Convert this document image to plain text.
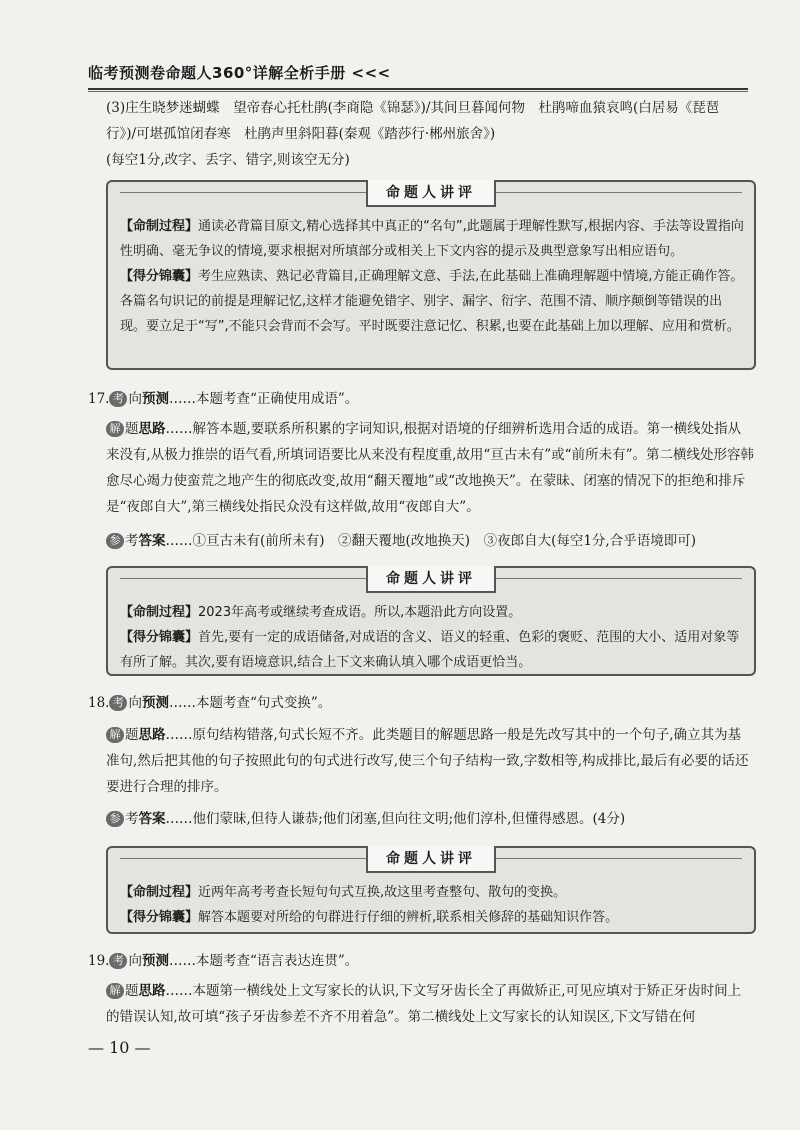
临考预测卷命题人360°详解全析手册 <<<
(3)庄生晓梦迷蝴蝶　望帝春心托杜鹃(李商隐《锦瑟》)/其间旦暮闻何物　杜鹃啼血猿哀鸣(白居易《琵琶
行》)/可堪孤馆闭春寒　杜鹃声里斜阳暮(秦观《踏莎行·郴州旅舍》)
(每空1分,改字、丢字、错字,则该空无分)
命题人讲评
【命制过程】通读必背篇目原文,精心选择其中真正的“名句”,此题属于理解性默写,根据内容、手法等设置指向性明确、毫无争议的情境,要求根据对所填部分或相关上下文内容的提示及典型意象写出相应语句。
【得分锦囊】考生应熟读、熟记必背篇目,正确理解文意、手法,在此基础上准确理解题中情境,方能正确作答。各篇名句识记的前提是理解记忆,这样才能避免错字、别字、漏字、衍字、范围不清、顺序颠倒等错误的出现。要立足于“写”,不能只会背而不会写。平时既要注意记忆、积累,也要在此基础上加以理解、应用和赏析。
17. 考 向预测……本题考查“正确使用成语”。
解 题思路……解答本题,要联系所积累的字词知识,根据对语境的仔细辨析选用合适的成语。第一横线处指从来没有,从极力推崇的语气看,所填词语要比从来没有程度重,故用“亘古未有”或“前所未有”。第二横线处形容韩愈尽心竭力使蛮荒之地产生的彻底改变,故用“翻天覆地”或“改地换天”。在蒙昧、闭塞的情况下的拒绝和排斥是“夜郎自大”,第三横线处指民众没有这样做,故用“夜郎自大”。
参 考答案……①亘古未有(前所未有)　②翻天覆地(改地换天)　③夜郎自大(每空1分,合乎语境即可)
命题人讲评
【命制过程】2023年高考或继续考查成语。所以,本题沿此方向设置。
【得分锦囊】首先,要有一定的成语储备,对成语的含义、语义的轻重、色彩的褒贬、范围的大小、适用对象等有所了解。其次,要有语境意识,结合上下文来确认填入哪个成语更恰当。
18. 考 向预测……本题考查“句式变换”。
解 题思路……原句结构错落,句式长短不齐。此类题目的解题思路一般是先改写其中的一个句子,确立其为基准句,然后把其他的句子按照此句的句式进行改写,使三个句子结构一致,字数相等,构成排比,最后有必要的话还要进行合理的排序。
参 考答案……他们蒙昧,但待人谦恭;他们闭塞,但向往文明;他们淳朴,但懂得感恩。(4分)
命题人讲评
【命制过程】近两年高考考查长短句句式互换,故这里考查整句、散句的变换。
【得分锦囊】解答本题要对所给的句群进行仔细的辨析,联系相关修辞的基础知识作答。
19. 考 向预测……本题考查“语言表达连贯”。
解 题思路……本题第一横线处上文写家长的认识,下文写牙齿长全了再做矫正,可见应填对于矫正牙齿时间上的错误认知,故可填“孩子牙齿参差不齐不用着急”。第二横线处上文写家长的认知误区,下文写错在何
— 10 —
